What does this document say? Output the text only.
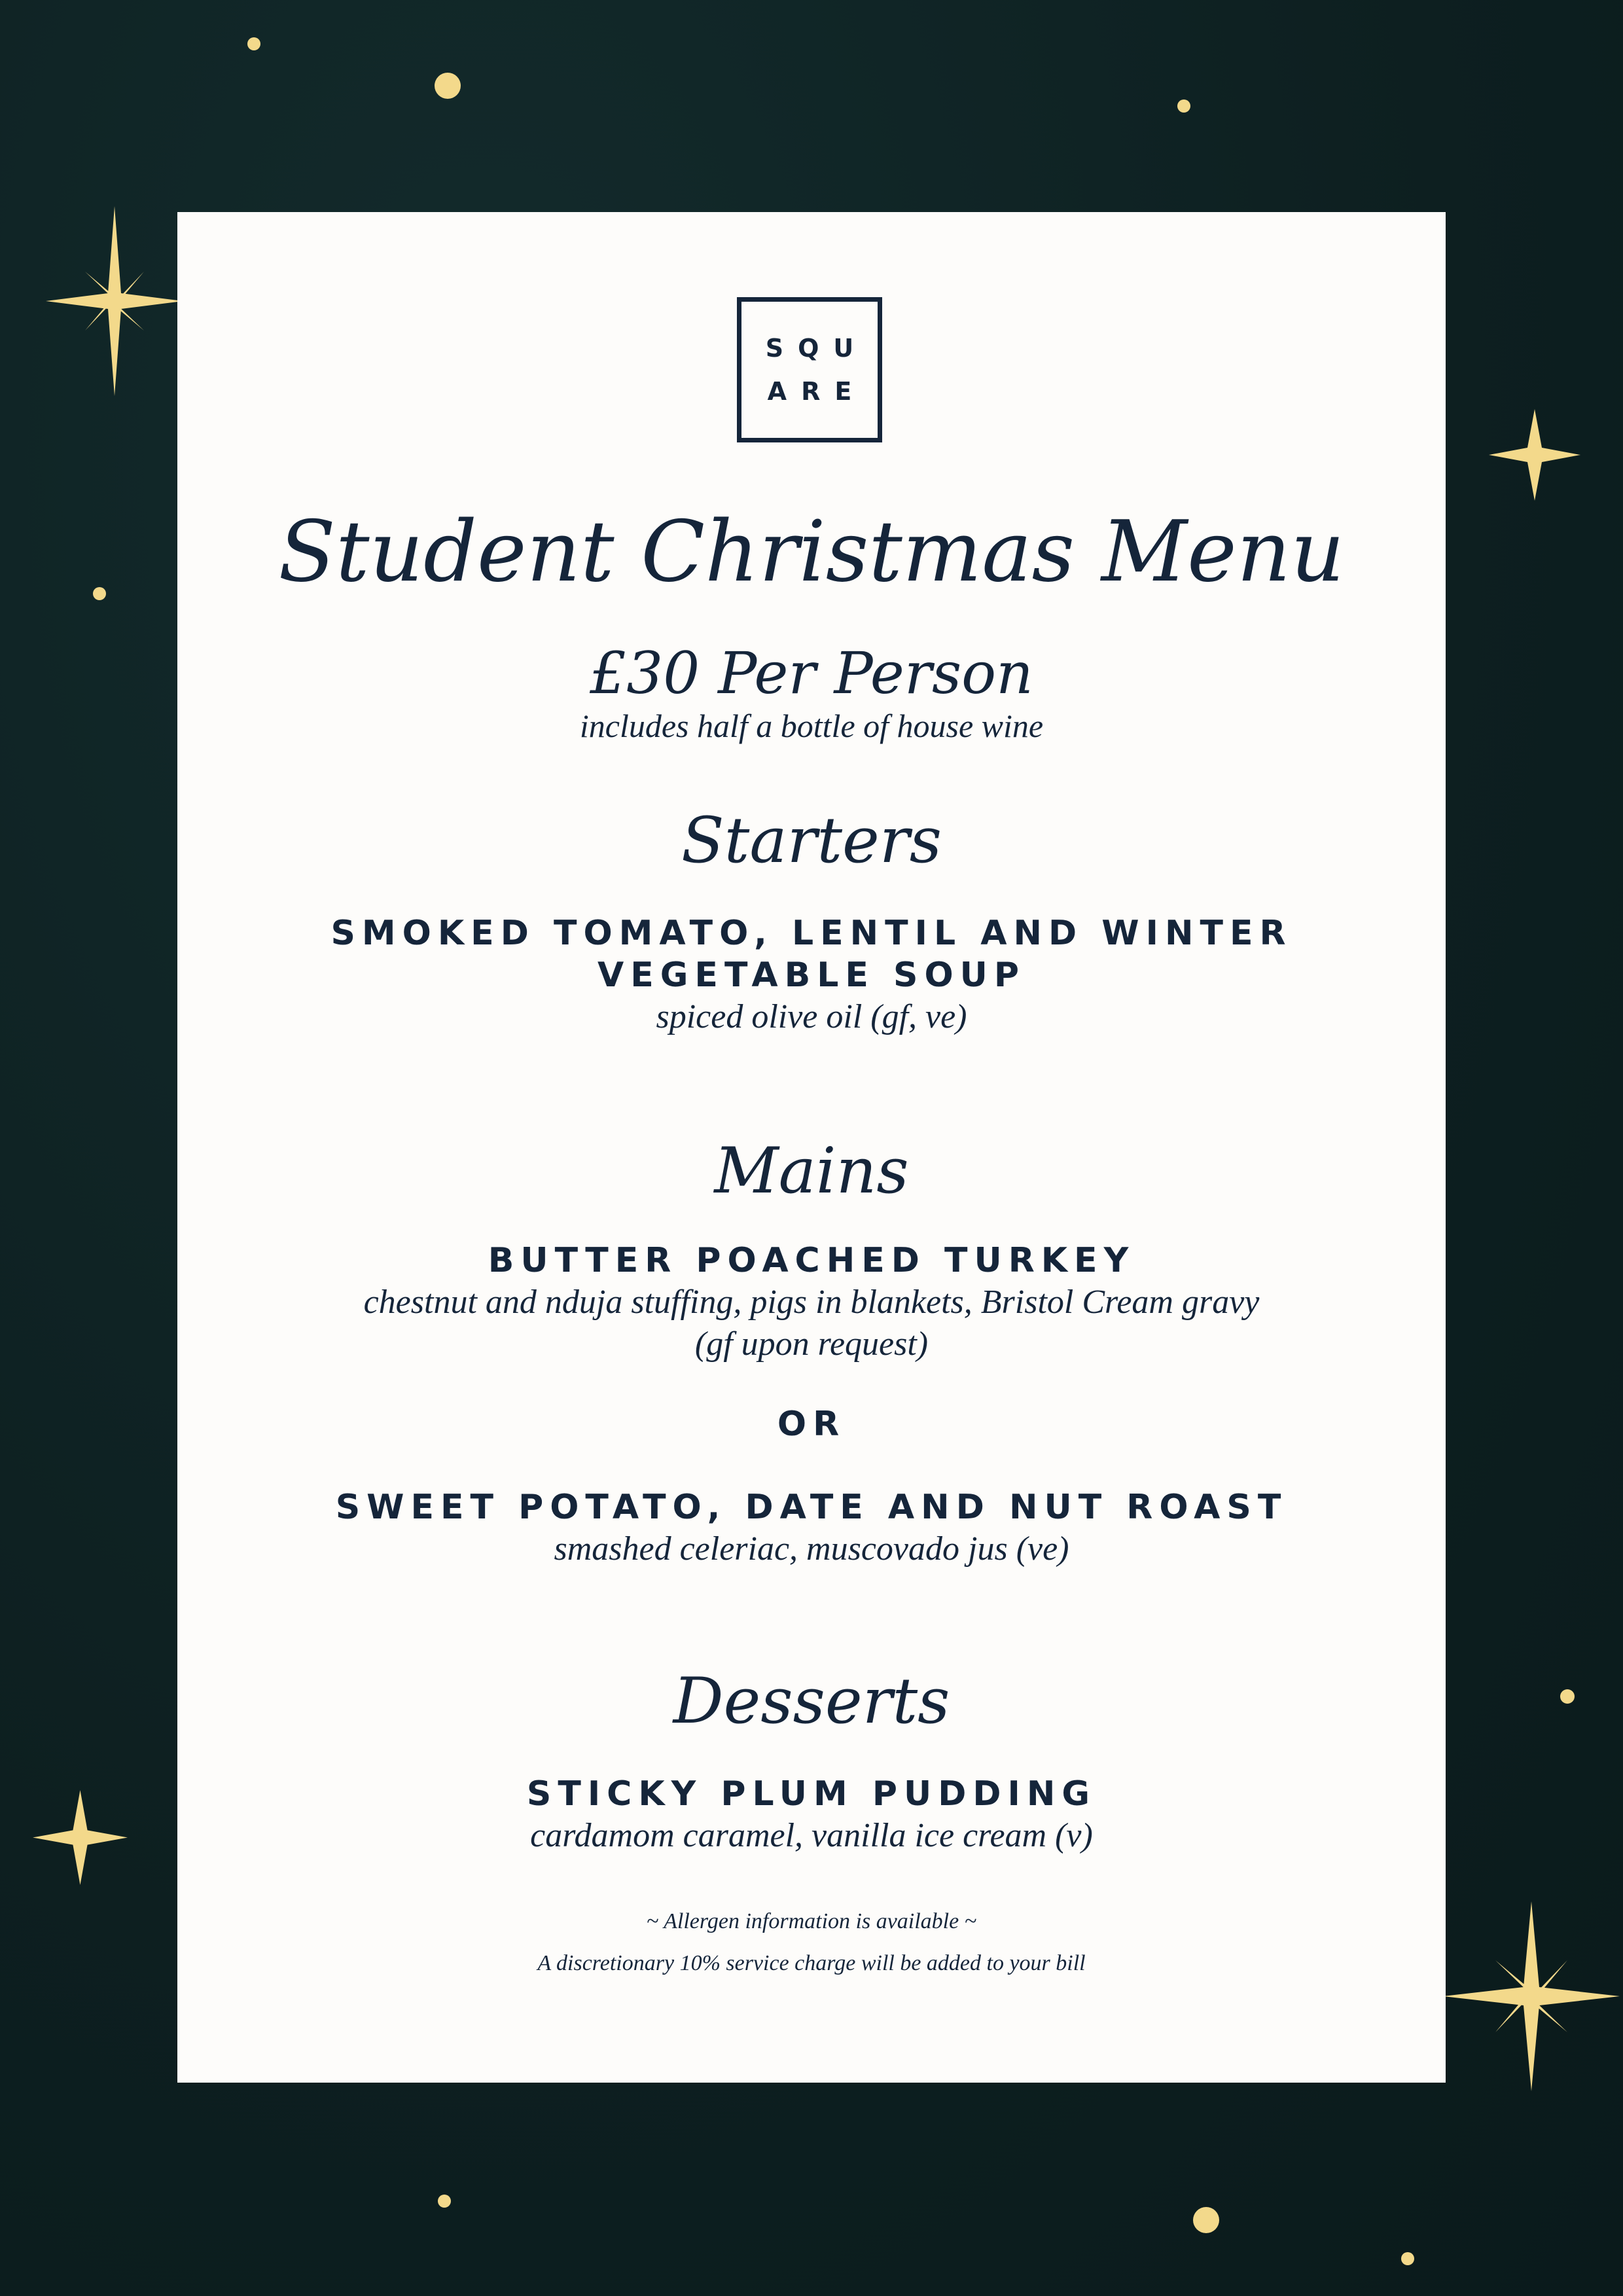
SQU
ARE
Student Christmas Menu
£30 Per Person
includes half a bottle of house wine
Starters
SMOKED TOMATO, LENTIL AND WINTER
VEGETABLE SOUP
spiced olive oil (gf, ve)
Mains
BUTTER POACHED TURKEY
chestnut and nduja stuffing, pigs in blankets, Bristol Cream gravy
(gf upon request)
OR
SWEET POTATO, DATE AND NUT ROAST
smashed celeriac, muscovado jus (ve)
Desserts
STICKY PLUM PUDDING
cardamom caramel, vanilla ice cream (v)
~ Allergen information is available ~
A discretionary 10% service charge will be added to your bill
